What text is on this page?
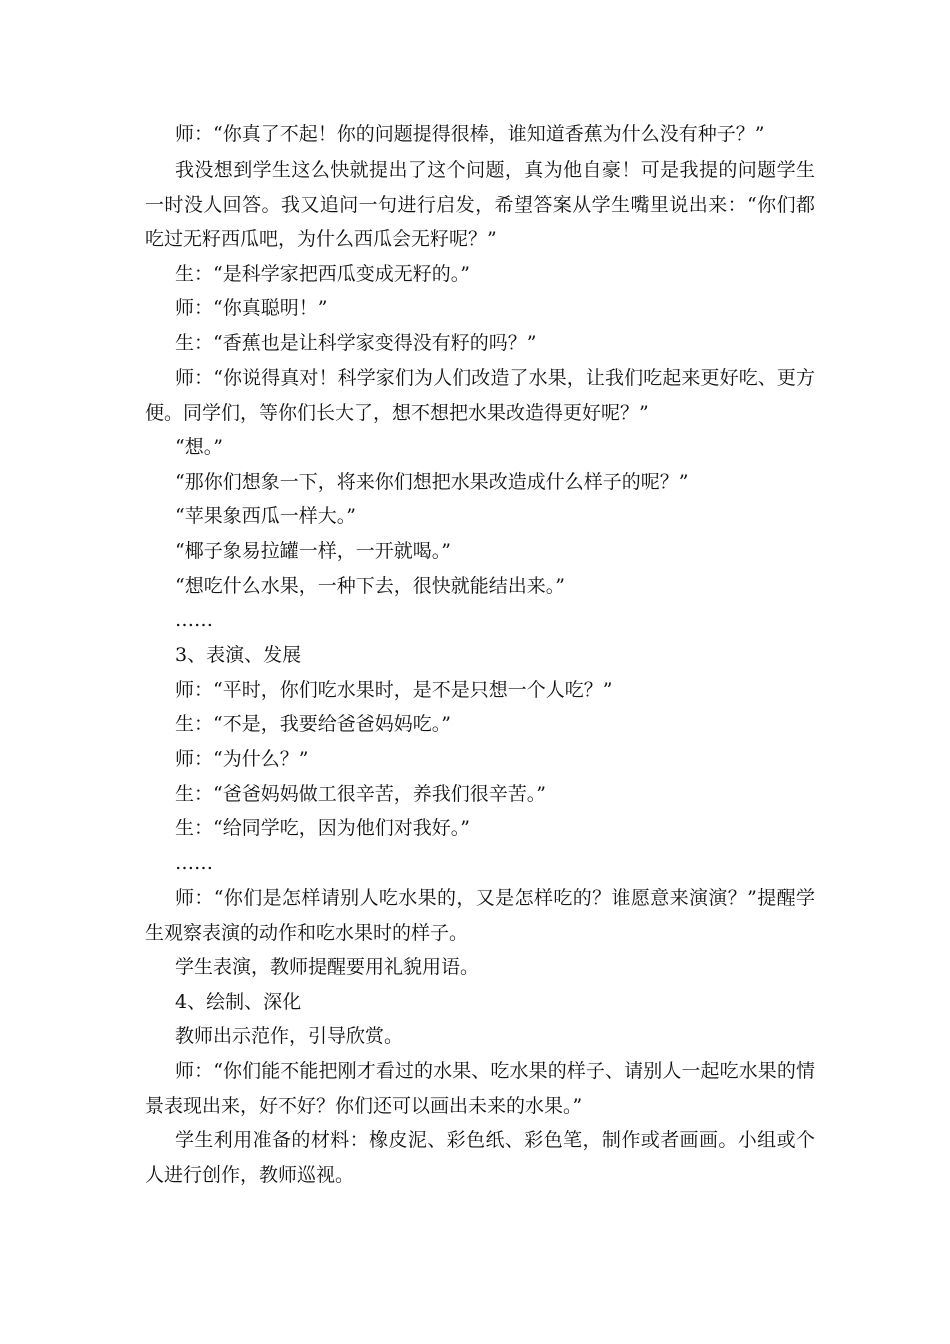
师：“你真了不起！你的问题提得很棒，谁知道香蕉为什么没有种子？”

我没想到学生这么快就提出了这个问题，真为他自豪！可是我提的问题学生一时没人回答。我又追问一句进行启发，希望答案从学生嘴里说出来：“你们都吃过无籽西瓜吧，为什么西瓜会无籽呢？”

生：“是科学家把西瓜变成无籽的。”

师：“你真聪明！”

生：“香蕉也是让科学家变得没有籽的吗？”

师：“你说得真对！科学家们为人们改造了水果，让我们吃起来更好吃、更方便。同学们，等你们长大了，想不想把水果改造得更好呢？”

“想。”

“那你们想象一下，将来你们想把水果改造成什么样子的呢？”

“苹果象西瓜一样大。”

“椰子象易拉罐一样，一开就喝。”

“想吃什么水果，一种下去，很快就能结出来。”

……

3、表演、发展

师：“平时，你们吃水果时，是不是只想一个人吃？”

生：“不是，我要给爸爸妈妈吃。”

师：“为什么？”

生：“爸爸妈妈做工很辛苦，养我们很辛苦。”

生：“给同学吃，因为他们对我好。”

……

师：“你们是怎样请别人吃水果的，又是怎样吃的？谁愿意来演演？”提醒学生观察表演的动作和吃水果时的样子。

学生表演，教师提醒要用礼貌用语。

4、绘制、深化

教师出示范作，引导欣赏。

师：“你们能不能把刚才看过的水果、吃水果的样子、请别人一起吃水果的情景表现出来，好不好？你们还可以画出未来的水果。”

学生利用准备的材料：橡皮泥、彩色纸、彩色笔，制作或者画画。小组或个人进行创作，教师巡视。
